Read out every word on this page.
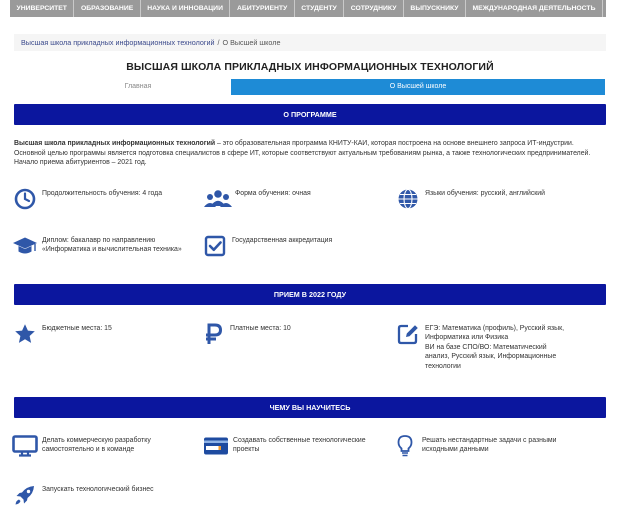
УНИВЕРСИТЕТ	ОБРАЗОВАНИЕ	НАУКА И ИННОВАЦИИ	АБИТУРИЕНТУ	СТУДЕНТУ	СОТРУДНИКУ	ВЫПУСКНИКУ	МЕЖДУНАРОДНАЯ ДЕЯТЕЛЬНОСТЬ	ГРАНТ
Высшая школа прикладных информационных технологий / О Высшей школе
ВЫСШАЯ ШКОЛА ПРИКЛАДНЫХ ИНФОРМАЦИОННЫХ ТЕХНОЛОГИЙ
Главная	О Высшей школе
О ПРОГРАММЕ
Высшая школа прикладных информационных технологий – это образовательная программа КНИТУ-КАИ, которая построена на основе внешнего запроса ИТ-индустрии. Основной целью программы является подготовка специалистов в сфере ИТ, которые соответствуют актуальным требованиям рынка, а также технологических предпринимателей. Начало приема абитуриентов – 2021 год.
Продолжительность обучения: 4 года	Форма обучения: очная	Языки обучения: русский, английский
Диплом: бакалавр по направлению
«Информатика и вычислительная техника»
Государственная аккредитация
ПРИЕМ В 2022 ГОДУ
Бюджетные места: 15	Платные места: 10	ЕГЭ: Математика (профиль), Русский язык,
Информатика или Физика
ВИ на базе СПО/ВО: Математический
анализ, Русский язык, Информационные
технологии
ЧЕМУ ВЫ НАУЧИТЕСЬ
Делать коммерческую разработку
самостоятельно и в команде
Создавать собственные технологические
проекты
Решать нестандартные задачи с разными
исходными данными
Запускать технологический бизнес
